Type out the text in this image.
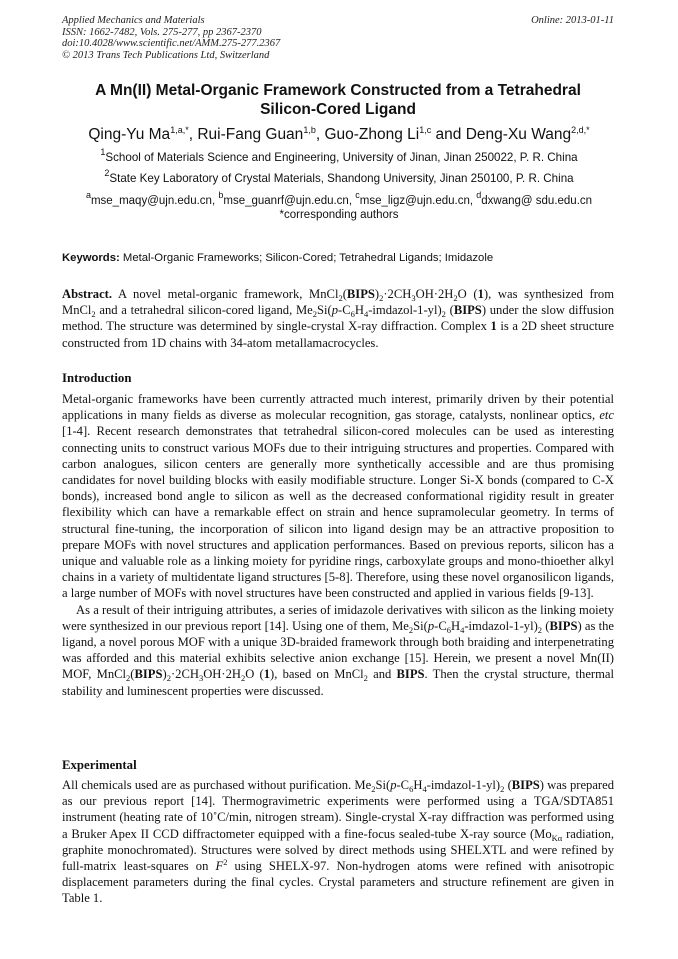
Applied Mechanics and Materials
ISSN: 1662-7482, Vols. 275-277, pp 2367-2370
doi:10.4028/www.scientific.net/AMM.275-277.2367
© 2013 Trans Tech Publications Ltd, Switzerland
Online: 2013-01-11
A Mn(II) Metal-Organic Framework Constructed from a Tetrahedral
Silicon-Cored Ligand
Qing-Yu $Ma^{1,a,*}$, Rui-Fang Guan$^{1,b}$, Guo-Zhong Li$^{1,c}$ and Deng-Xu Wang$^{2,d,*}$
$^1$School of Materials Science and Engineering, University of Jinan, Jinan 250022, P. R. China
$^2$State Key Laboratory of Crystal Materials, Shandong University, Jinan 250100, P. R. China
$^a$mse_maqy@ujn.edu.cn, $^b$mse_guanrf@ujn.edu.cn, $^c$mse_ligz@ujn.edu.cn, $^d$dxwang@ sdu.edu.cn
*corresponding authors
Keywords: Metal-Organic Frameworks; Silicon-Cored; Tetrahedral Ligands; Imidazole

Abstract. A novel metal-organic framework, $MnCl_2(BIPS)_2\cdot 2CH_3OH\cdot 2H_2O$ (1), was synthesized from MnCl$_2$ and a tetrahedral silicon-cored ligand, $Me_2Si(p-C_6H_4-imdazol-1-yl)_2$ (BIPS) under the slow diffusion method. The structure was determined by single-crystal X-ray diffraction. Complex 1 is a 2D sheet structure constructed from 1D chains with 34-atom metallamacrocycles.

Introduction

Metal-organic frameworks have been currently attracted much interest, primarily driven by their potential applications in many fields as diverse as molecular recognition, gas storage, catalysts, nonlinear optics, etc [1-4]. Recent research demonstrates that tetrahedral silicon-cored molecules can be used as interesting connecting units to construct various MOFs due to their intriguing structures and properties. Compared with carbon analogues, silicon centers are generally more synthetically accessible and are thus promising candidates for novel building blocks with easily modifiable structure. Longer Si-X bonds (compared to C-X bonds), increased bond angle to silicon as well as the decreased conformational rigidity result in greater flexibility which can have a remarkable effect on strain and hence supramolecular geometry. In terms of structural fine-tuning, the incorporation of silicon into ligand design may be an attractive proposition to prepare MOFs with novel structures and application performances. Based on previous reports, silicon has a unique and valuable role as a linking moiety for pyridine rings, carboxylate groups and mono-thioether alkyl chains in a variety of multidentate ligand structures [5-8]. Therefore, using these novel organosilicon ligands, a large number of MOFs with novel structures have been constructed and applied in various fields [9-13].

As a result of their intriguing attributes, a series of imidazole derivatives with silicon as the linking moiety were synthesized in our previous report [14]. Using one of them, $Me_2Si(p-C_6H_4-imdazol-1-yl)_2$ (BIPS) as the ligand, a novel porous MOF with a unique 3D-braided framework through both braiding and interpenetrating was afforded and this material exhibits selective anion exchange [15]. Herein, we present a novel Mn(II) MOF, $MnCl_2(BIPS)_2\cdot 2CH_3OH\cdot 2H_2O$ (1), based on MnCl$_2$ and BIPS. Then the crystal structure, thermal stability and luminescent properties were discussed.

Experimental

All chemicals used are as purchased without purification. $Me_2Si(p-C_6H_4-imdazol-1-yl)_2$ (BIPS) was prepared as our previous report [14]. Thermogravimetric experiments were performed using a TGA/SDTA851 instrument (heating rate of 10˚C/min, nitrogen stream). Single-crystal X-ray diffraction was performed using a Bruker Apex II CCD diffractometer equipped with a fine-focus sealed-tube X-ray source ($Mo_{K\alpha}$ radiation, graphite monochromated). Structures were solved by direct methods using SHELXTL and were refined by full-matrix least-squares on $F^2$ using SHELX-97. Non-hydrogen atoms were refined with anisotropic displacement parameters during the final cycles. Crystal parameters and structure refinement are given in Table 1.
